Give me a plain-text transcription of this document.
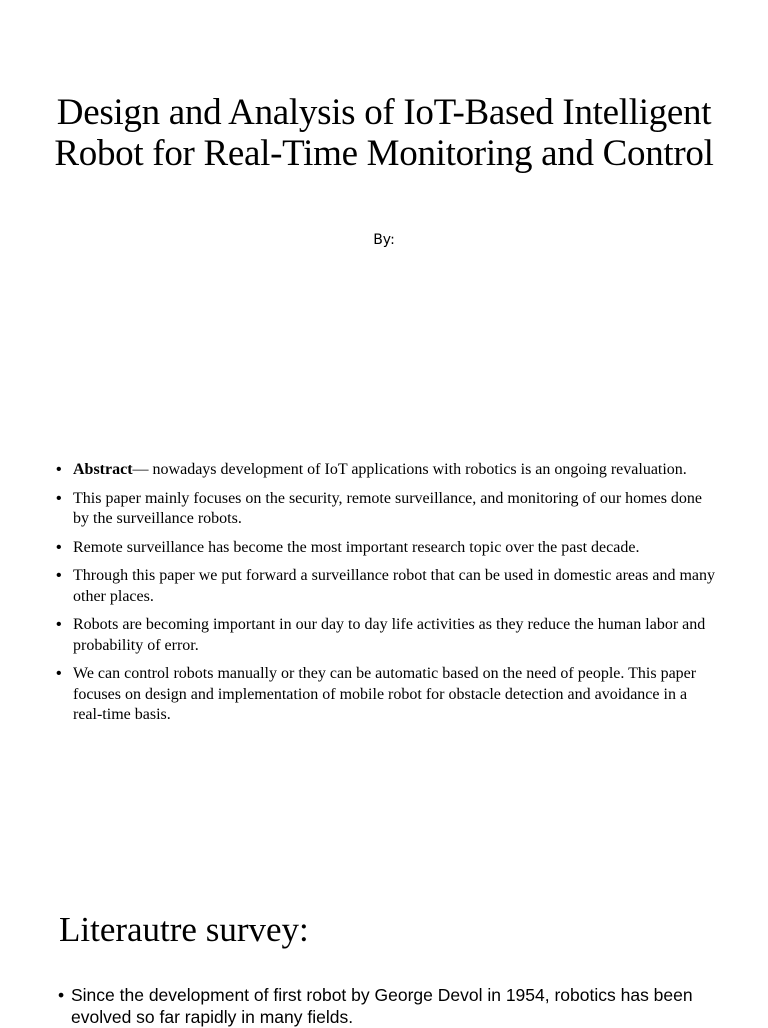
Design and Analysis of IoT-Based Intelligent Robot for Real-Time Monitoring and Control
By:
• Abstract— nowadays development of IoT applications with robotics is an ongoing revaluation.
• This paper mainly focuses on the security, remote surveillance, and monitoring of our homes done by the surveillance robots.
• Remote surveillance has become the most important research topic over the past decade.
• Through this paper we put forward a surveillance robot that can be used in domestic areas and many other places.
• Robots are becoming important in our day to day life activities as they reduce the human labor and probability of error.
• We can control robots manually or they can be automatic based on the need of people. This paper focuses on design and implementation of mobile robot for obstacle detection and avoidance in a real-time basis.
Literautre survey:
• Since the development of first robot by George Devol in 1954, robotics has been evolved so far rapidly in many fields.
